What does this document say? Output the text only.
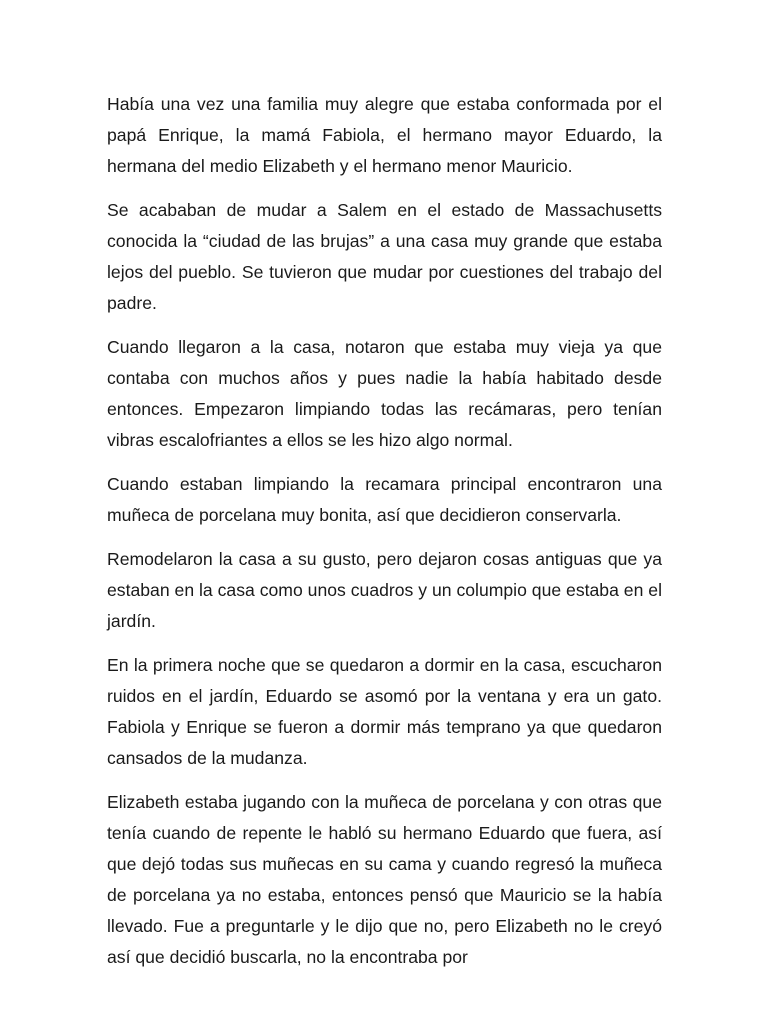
Había una vez una familia muy alegre que estaba conformada por el papá Enrique, la mamá Fabiola, el hermano mayor Eduardo, la hermana del medio Elizabeth y el hermano menor Mauricio.

Se acababan de mudar a Salem en el estado de Massachusetts conocida la “ciudad de las brujas” a una casa muy grande que estaba lejos del pueblo. Se tuvieron que mudar por cuestiones del trabajo del padre.

Cuando llegaron a la casa, notaron que estaba muy vieja ya que contaba con muchos años y pues nadie la había habitado desde entonces. Empezaron limpiando todas las recámaras, pero tenían vibras escalofriantes a ellos se les hizo algo normal.

Cuando estaban limpiando la recamara principal encontraron una muñeca de porcelana muy bonita, así que decidieron conservarla.

Remodelaron la casa a su gusto, pero dejaron cosas antiguas que ya estaban en la casa como unos cuadros y un columpio que estaba en el jardín.

En la primera noche que se quedaron a dormir en la casa, escucharon ruidos en el jardín, Eduardo se asomó por la ventana y era un gato. Fabiola y Enrique se fueron a dormir más temprano ya que quedaron cansados de la mudanza.

Elizabeth estaba jugando con la muñeca de porcelana y con otras que tenía cuando de repente le habló su hermano Eduardo que fuera, así que dejó todas sus muñecas en su cama y cuando regresó la muñeca de porcelana ya no estaba, entonces pensó que Mauricio se la había llevado. Fue a preguntarle y le dijo que no, pero Elizabeth no le creyó así que decidió buscarla, no la encontraba por
